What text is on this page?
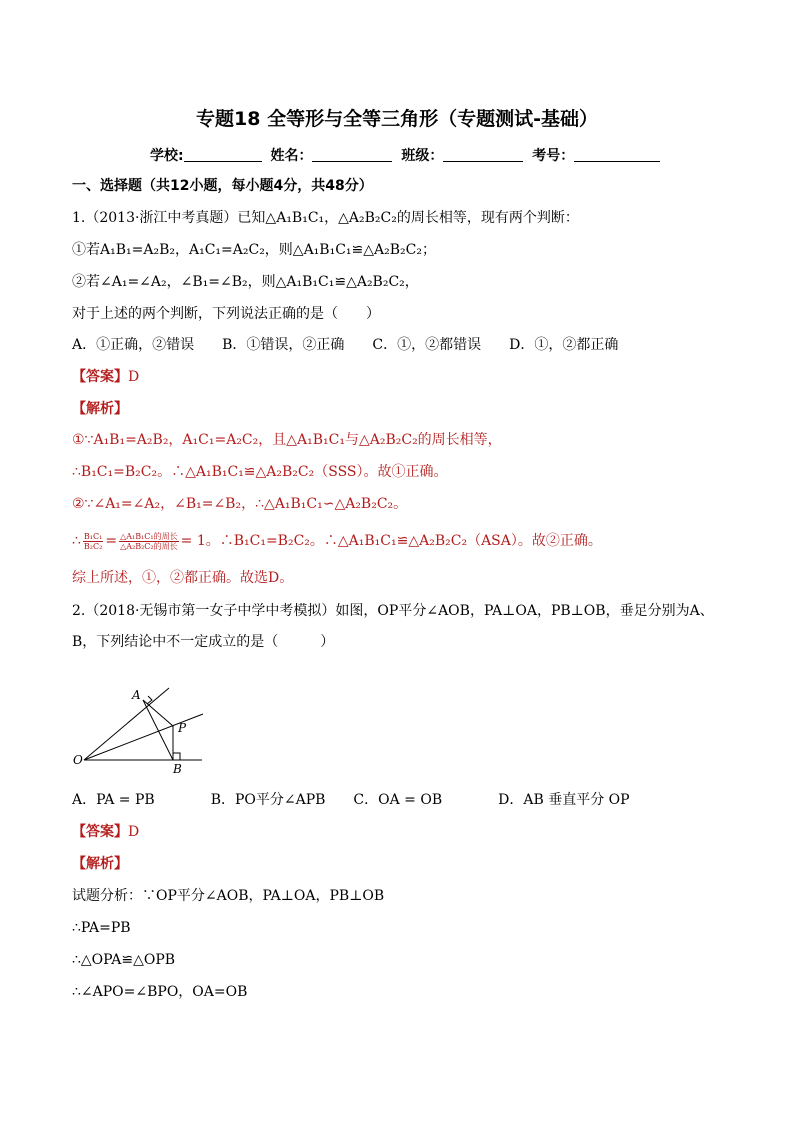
专题18 全等形与全等三角形（专题测试-基础）
学校:	姓名：	班级：	考号：
一、选择题（共12小题，每小题4分，共48分）
1.（2013·浙江中考真题）已知△A₁B₁C₁，△A₂B₂C₂的周长相等，现有两个判断：
①若A₁B₁=A₂B₂，A₁C₁=A₂C₂，则△A₁B₁C₁≌△A₂B₂C₂；
②若∠A₁=∠A₂，∠B₁=∠B₂，则△A₁B₁C₁≌△A₂B₂C₂，
对于上述的两个判断，下列说法正确的是（　　）
A．①正确，②错误　　B．①错误，②正确　　C．①，②都错误　　D．①，②都正确
【答案】D
【解析】
①∵A₁B₁=A₂B₂，A₁C₁=A₂C₂，且△A₁B₁C₁与△A₂B₂C₂的周长相等，
∴B₁C₁=B₂C₂。∴△A₁B₁C₁≌△A₂B₂C₂（SSS）。故①正确。
②∵∠A₁=∠A₂，∠B₁=∠B₂，∴△A₁B₁C₁∽△A₂B₂C₂。
∴ $\frac{\text{B₁C₁}}{\text{B₂C₂}} = \frac{\text{△A₁B₁C₁的周长}}{\text{△A₂B₂C₂的周长}} = 1$。∴B₁C₁=B₂C₂。∴△A₁B₁C₁≌△A₂B₂C₂（ASA）。故②正确。
综上所述，①，②都正确。故选D。
2.（2018·无锡市第一女子中学中考模拟）如图，OP平分∠AOB，PA⊥OA，PB⊥OB，垂足分别为A、
B，下列结论中不一定成立的是（　　　）
A
P
O
B
A．PA = PB　　　　B．PO平分∠APB　　C．OA = OB　　　　D．AB 垂直平分 OP
【答案】D
【解析】
试题分析：∵OP平分∠AOB，PA⊥OA，PB⊥OB
∴PA=PB
∴△OPA≌△OPB
∴∠APO=∠BPO，OA=OB
